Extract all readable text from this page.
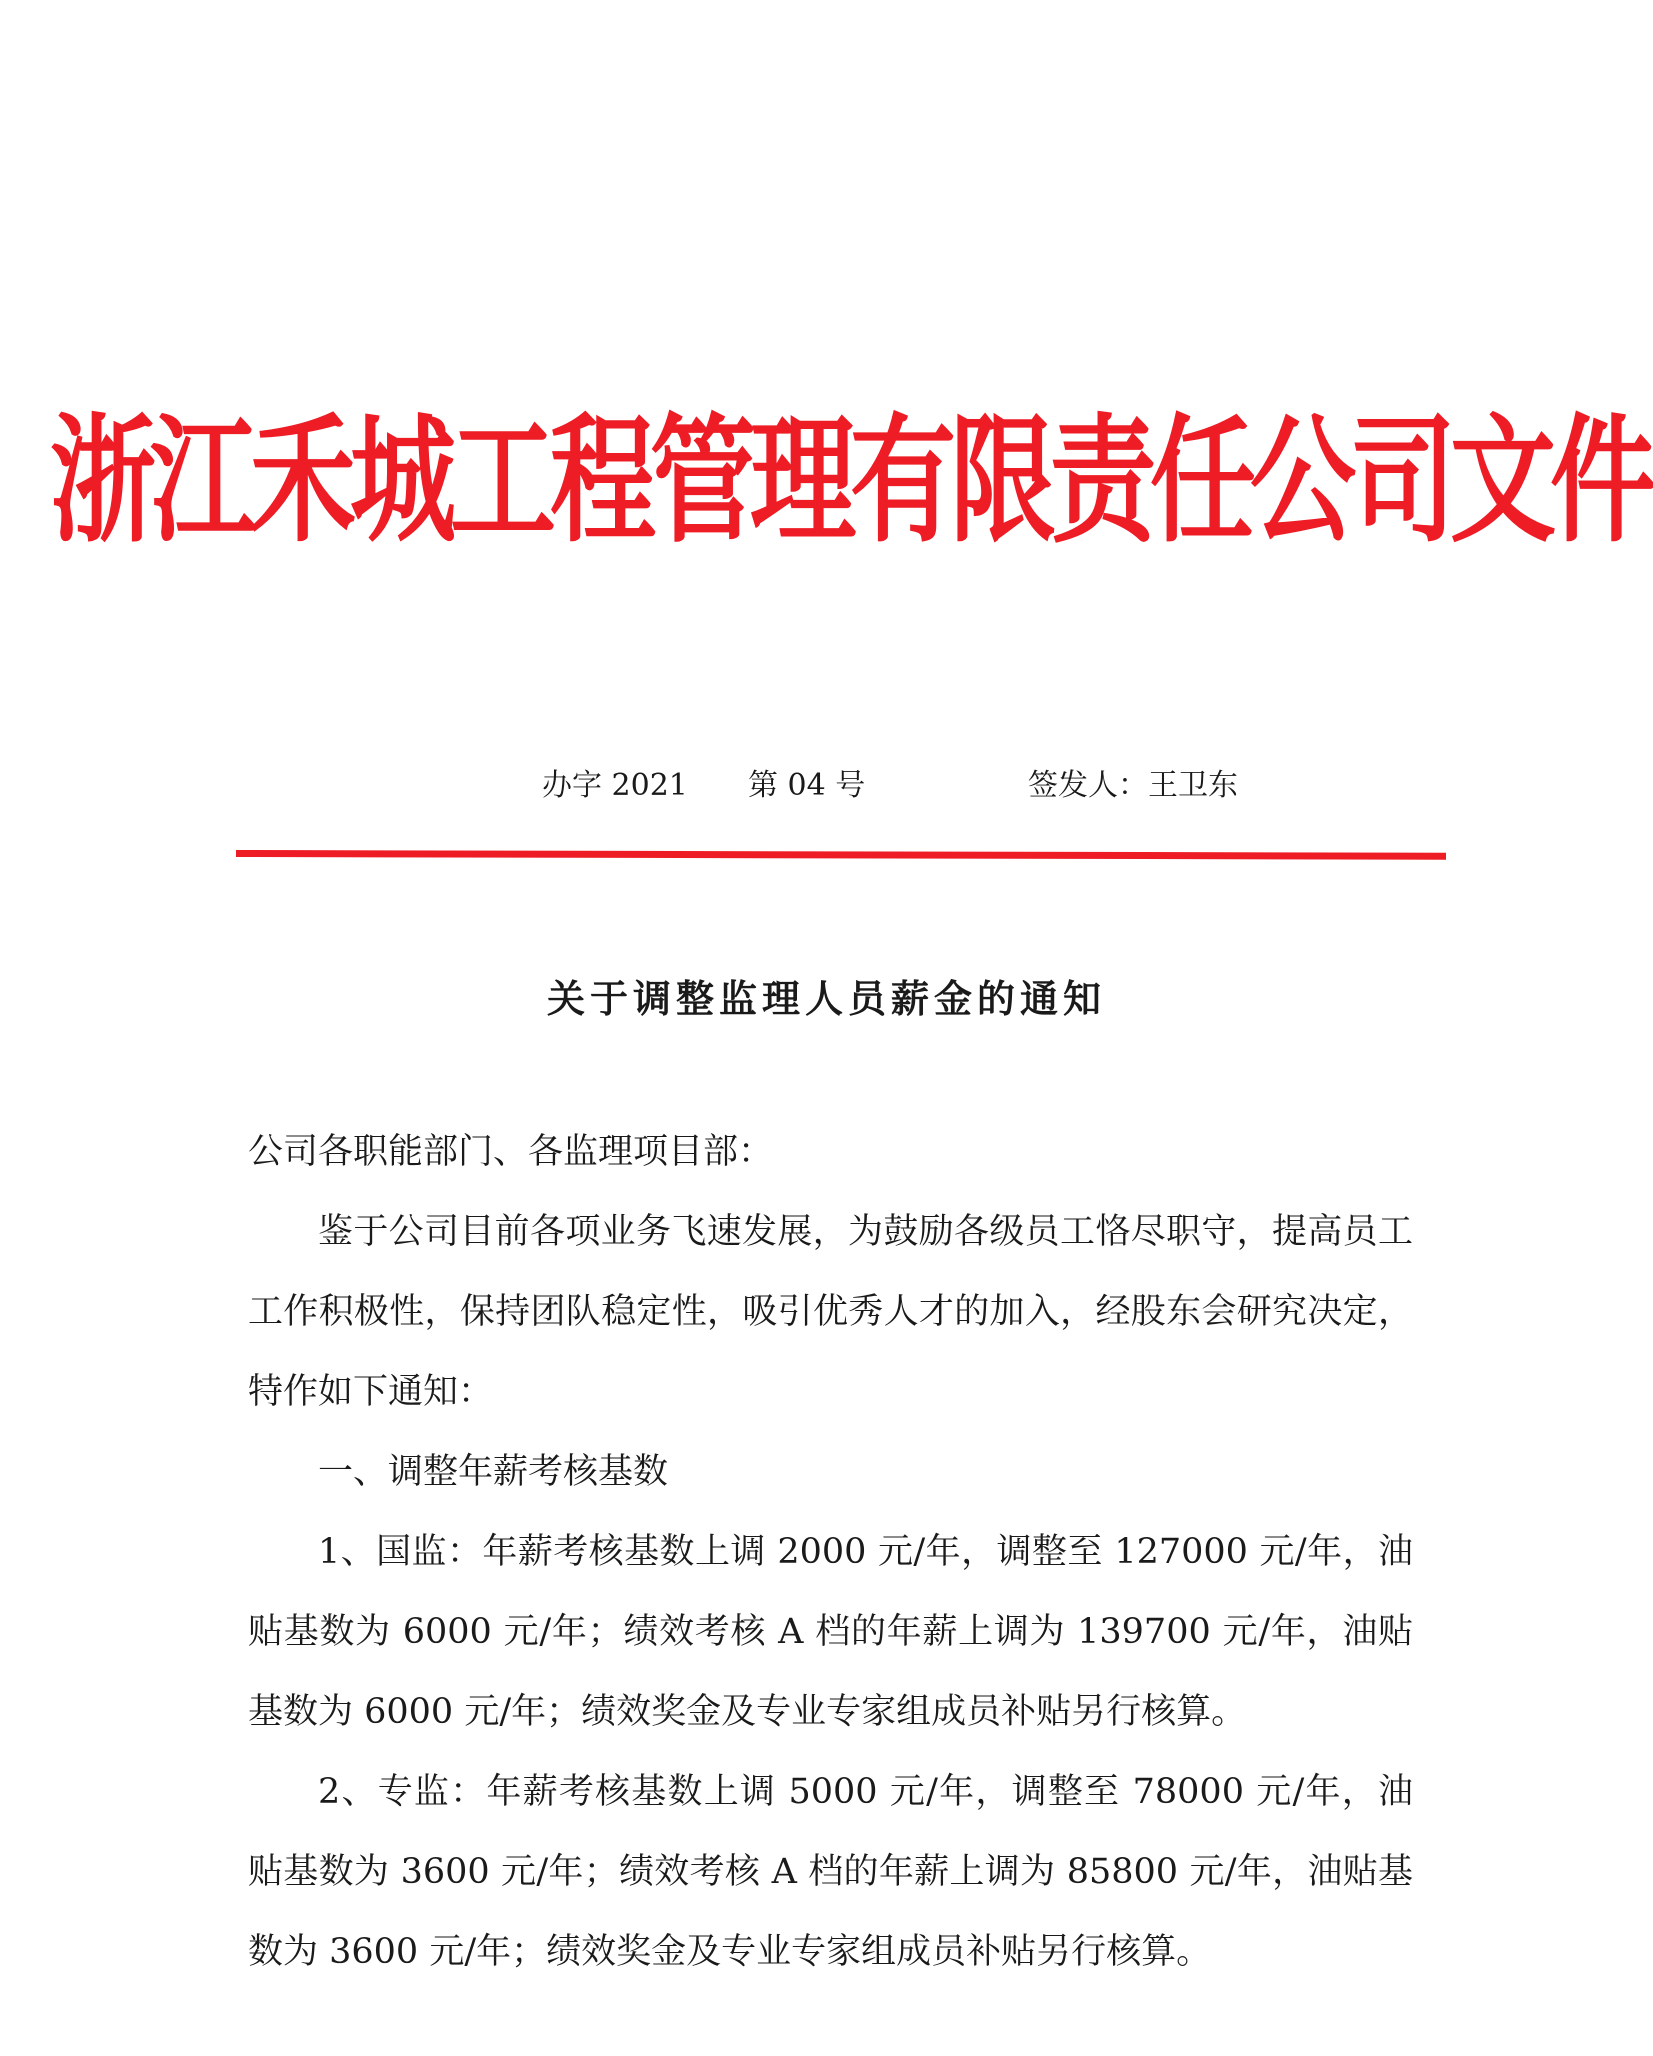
浙江禾城工程管理有限责任公司文件
办字 2021 第 04 号	签发人：王卫东
关于调整监理人员薪金的通知

公司各职能部门、各监理项目部：

鉴于公司目前各项业务飞速发展，为鼓励各级员工恪尽职守，提高员工工作积极性，保持团队稳定性，吸引优秀人才的加入，经股东会研究决定，特作如下通知：

一、调整年薪考核基数

1、国监：年薪考核基数上调 2000 元/年，调整至 127000 元/年，油贴基数为 6000 元/年；绩效考核 A 档的年薪上调为 139700 元/年，油贴基数为 6000 元/年；绩效奖金及专业专家组成员补贴另行核算。

2、专监：年薪考核基数上调 5000 元/年，调整至 78000 元/年，油贴基数为 3600 元/年；绩效考核 A 档的年薪上调为 85800 元/年，油贴基数为 3600 元/年；绩效奖金及专业专家组成员补贴另行核算。
